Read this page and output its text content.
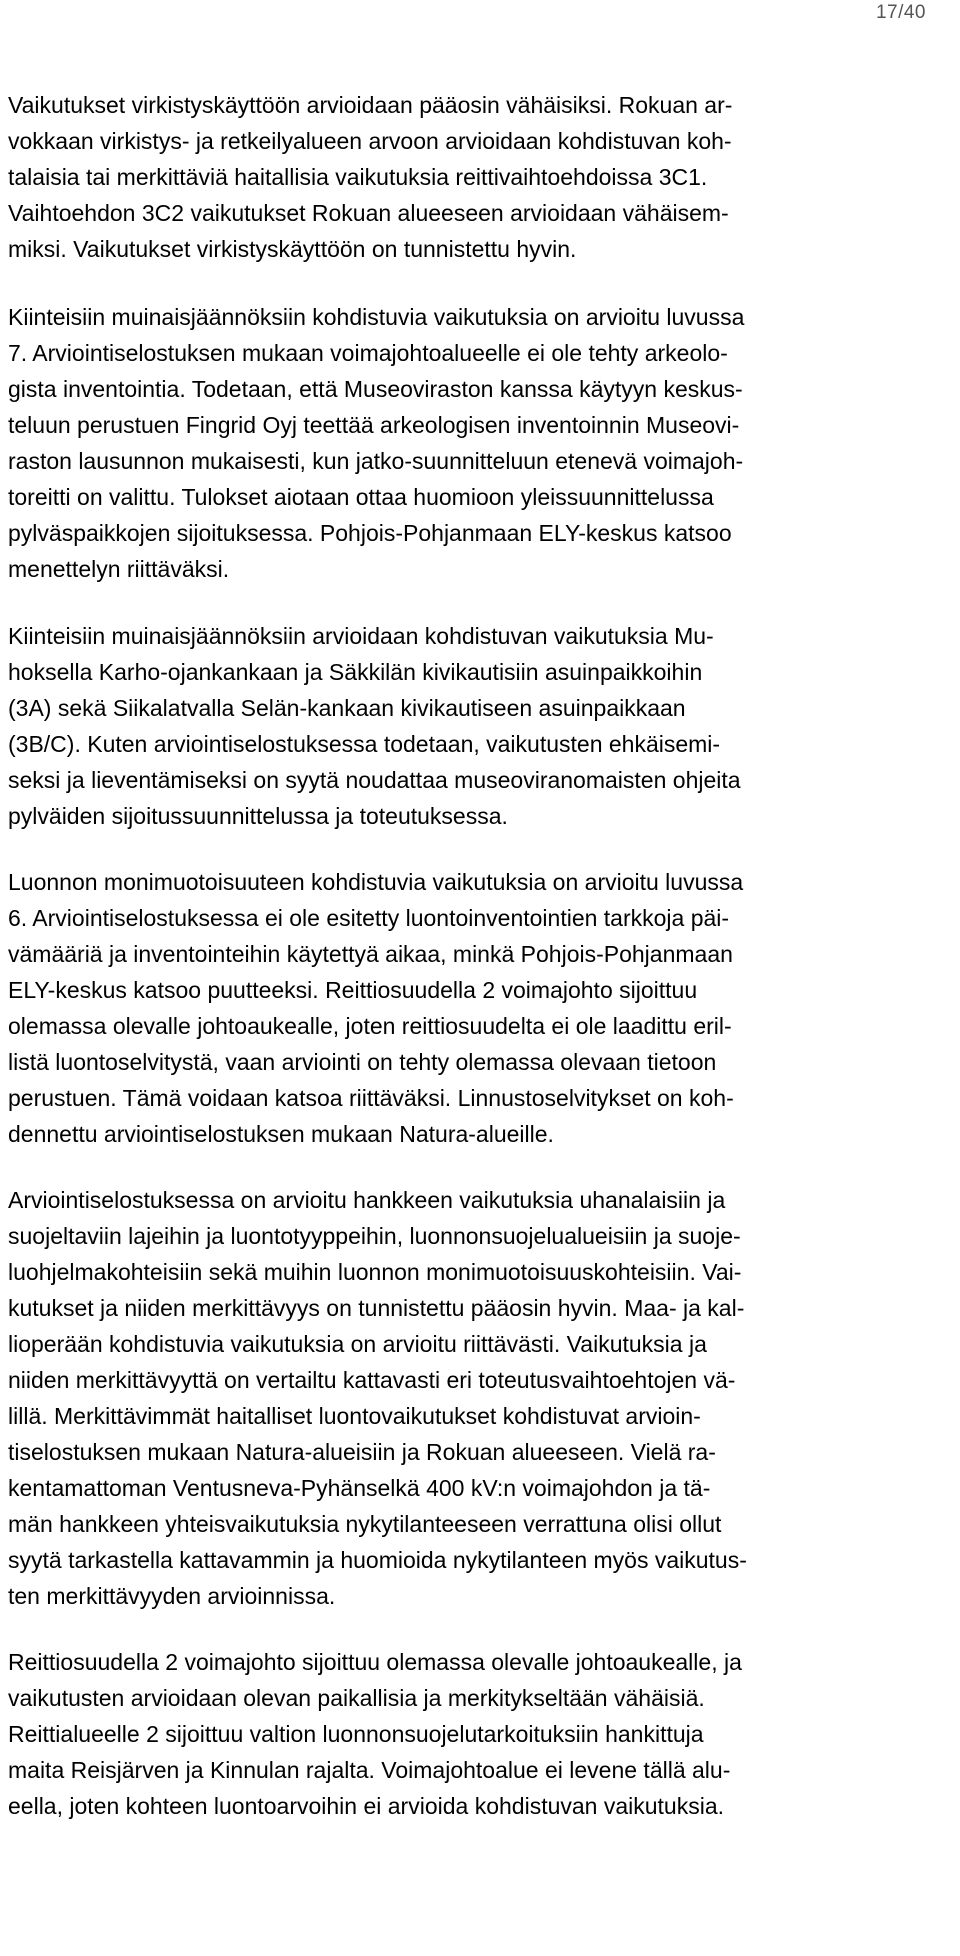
17/40

Vaikutukset virkistyskäyttöön arvioidaan pääosin vähäisiksi. Rokuan ar-
vokkaan virkistys- ja retkeilyalueen arvoon arvioidaan kohdistuvan koh-
talaisia tai merkittäviä haitallisia vaikutuksia reittivaihtoehdoissa 3C1.
Vaihtoehdon 3C2 vaikutukset Rokuan alueeseen arvioidaan vähäisem-
miksi. Vaikutukset virkistyskäyttöön on tunnistettu hyvin.

Kiinteisiin muinaisjäännöksiin kohdistuvia vaikutuksia on arvioitu luvussa
7. Arviointiselostuksen mukaan voimajohtoalueelle ei ole tehty arkeolo-
gista inventointia. Todetaan, että Museoviraston kanssa käytyyn keskus-
teluun perustuen Fingrid Oyj teettää arkeologisen inventoinnin Museovi-
raston lausunnon mukaisesti, kun jatko-suunnitteluun etenevä voimajoh-
toreitti on valittu. Tulokset aiotaan ottaa huomioon yleissuunnittelussa
pylväspaikkojen sijoituksessa. Pohjois-Pohjanmaan ELY-keskus katsoo
menettelyn riittäväksi.

Kiinteisiin muinaisjäännöksiin arvioidaan kohdistuvan vaikutuksia Mu-
hoksella Karho-ojankankaan ja Säkkilän kivikautisiin asuinpaikkoihin
(3A) sekä Siikalatvalla Selän-kankaan kivikautiseen asuinpaikkaan
(3B/C). Kuten arviointiselostuksessa todetaan, vaikutusten ehkäisemi-
seksi ja lieventämiseksi on syytä noudattaa museoviranomaisten ohjeita
pylväiden sijoitussuunnittelussa ja toteutuksessa.

Luonnon monimuotoisuuteen kohdistuvia vaikutuksia on arvioitu luvussa
6. Arviointiselostuksessa ei ole esitetty luontoinventointien tarkkoja päi-
vämääriä ja inventointeihin käytettyä aikaa, minkä Pohjois-Pohjanmaan
ELY-keskus katsoo puutteeksi. Reittiosuudella 2 voimajohto sijoittuu
olemassa olevalle johtoaukealle, joten reittiosuudelta ei ole laadittu eril-
listä luontoselvitystä, vaan arviointi on tehty olemassa olevaan tietoon
perustuen. Tämä voidaan katsoa riittäväksi. Linnustoselvitykset on koh-
dennettu arviointiselostuksen mukaan Natura-alueille.

Arviointiselostuksessa on arvioitu hankkeen vaikutuksia uhanalaisiin ja
suojeltaviin lajeihin ja luontotyyppeihin, luonnonsuojelualueisiin ja suoje-
luohjelmakohteisiin sekä muihin luonnon monimuotoisuuskohteisiin. Vai-
kutukset ja niiden merkittävyys on tunnistettu pääosin hyvin. Maa- ja kal-
lioperään kohdistuvia vaikutuksia on arvioitu riittävästi. Vaikutuksia ja
niiden merkittävyyttä on vertailtu kattavasti eri toteutusvaihtoehtojen vä-
lillä. Merkittävimmät haitalliset luontovaikutukset kohdistuvat arvioin-
tiselostuksen mukaan Natura-alueisiin ja Rokuan alueeseen. Vielä ra-
kentamattoman Ventusneva-Pyhänselkä 400 kV:n voimajohdon ja tä-
män hankkeen yhteisvaikutuksia nykytilanteeseen verrattuna olisi ollut
syytä tarkastella kattavammin ja huomioida nykytilanteen myös vaikutus-
ten merkittävyyden arvioinnissa.

Reittiosuudella 2 voimajohto sijoittuu olemassa olevalle johtoaukealle, ja
vaikutusten arvioidaan olevan paikallisia ja merkitykseltään vähäisiä.
Reittialueelle 2 sijoittuu valtion luonnonsuojelutarkoituksiin hankittuja
maita Reisjärven ja Kinnulan rajalta. Voimajohtoalue ei levene tällä alu-
eella, joten kohteen luontoarvoihin ei arvioida kohdistuvan vaikutuksia.
